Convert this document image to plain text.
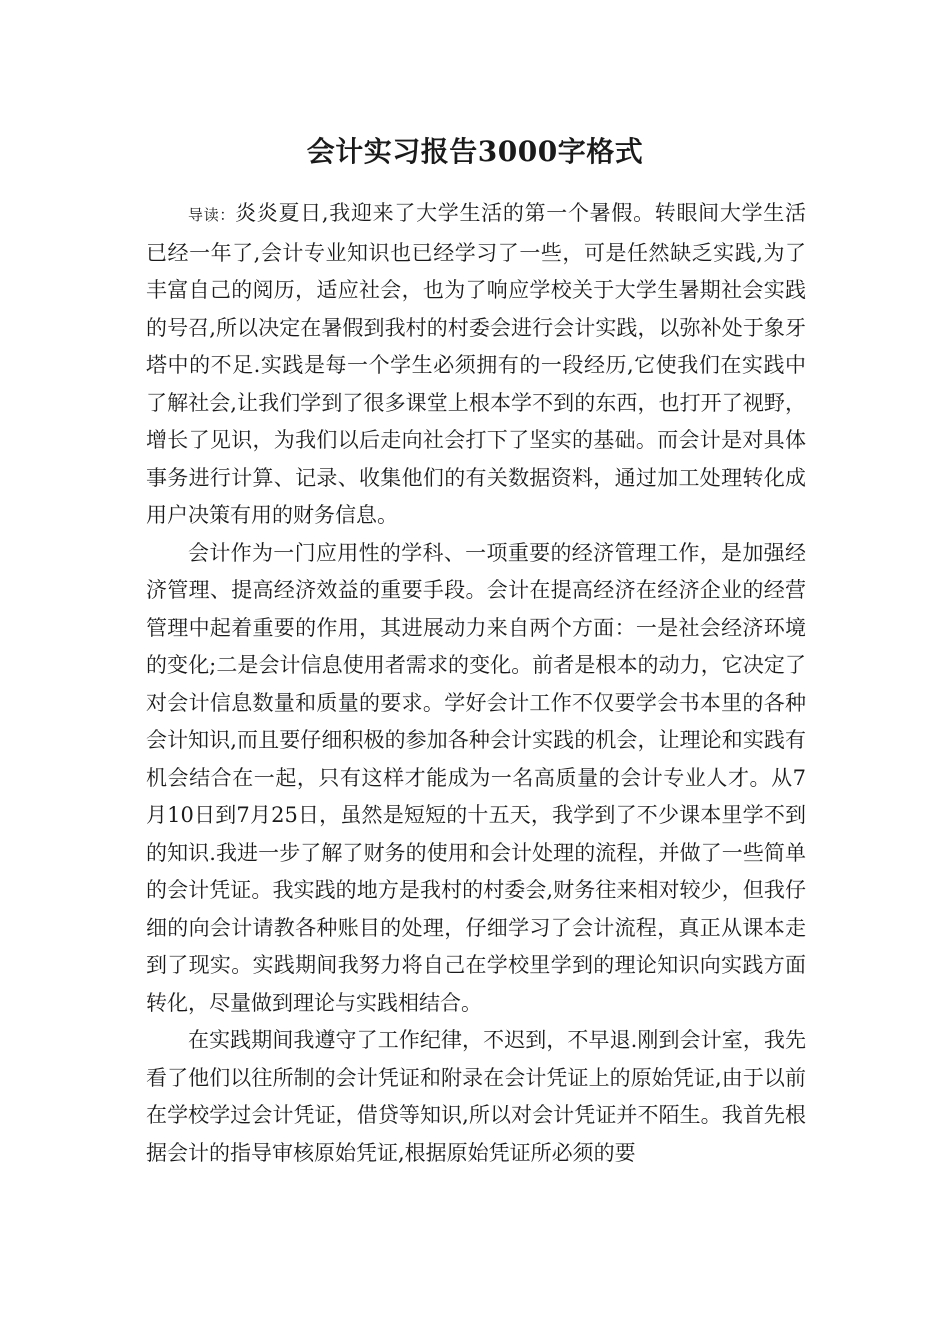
会计实习报告3000字格式

导读：炎炎夏日,我迎来了大学生活的第一个暑假。转眼间大学生活已经一年了,会计专业知识也已经学习了一些，可是任然缺乏实践,为了丰富自己的阅历，适应社会，也为了响应学校关于大学生暑期社会实践的号召,所以决定在暑假到我村的村委会进行会计实践，以弥补处于象牙塔中的不足.实践是每一个学生必须拥有的一段经历,它使我们在实践中了解社会,让我们学到了很多课堂上根本学不到的东西，也打开了视野，增长了见识，为我们以后走向社会打下了坚实的基础。而会计是对具体事务进行计算、记录、收集他们的有关数据资料，通过加工处理转化成用户决策有用的财务信息。

会计作为一门应用性的学科、一项重要的经济管理工作，是加强经济管理、提高经济效益的重要手段。会计在提高经济在经济企业的经营管理中起着重要的作用，其进展动力来自两个方面：一是社会经济环境的变化;二是会计信息使用者需求的变化。前者是根本的动力，它决定了对会计信息数量和质量的要求。学好会计工作不仅要学会书本里的各种会计知识,而且要仔细积极的参加各种会计实践的机会，让理论和实践有机会结合在一起，只有这样才能成为一名高质量的会计专业人才。从7月10日到7月25日，虽然是短短的十五天，我学到了不少课本里学不到的知识.我进一步了解了财务的使用和会计处理的流程，并做了一些简单的会计凭证。我实践的地方是我村的村委会,财务往来相对较少，但我仔细的向会计请教各种账目的处理，仔细学习了会计流程，真正从课本走到了现实。实践期间我努力将自己在学校里学到的理论知识向实践方面转化，尽量做到理论与实践相结合。

在实践期间我遵守了工作纪律，不迟到，不早退.刚到会计室，我先看了他们以往所制的会计凭证和附录在会计凭证上的原始凭证,由于以前在学校学过会计凭证，借贷等知识,所以对会计凭证并不陌生。我首先根据会计的指导审核原始凭证,根据原始凭证所必须的要
